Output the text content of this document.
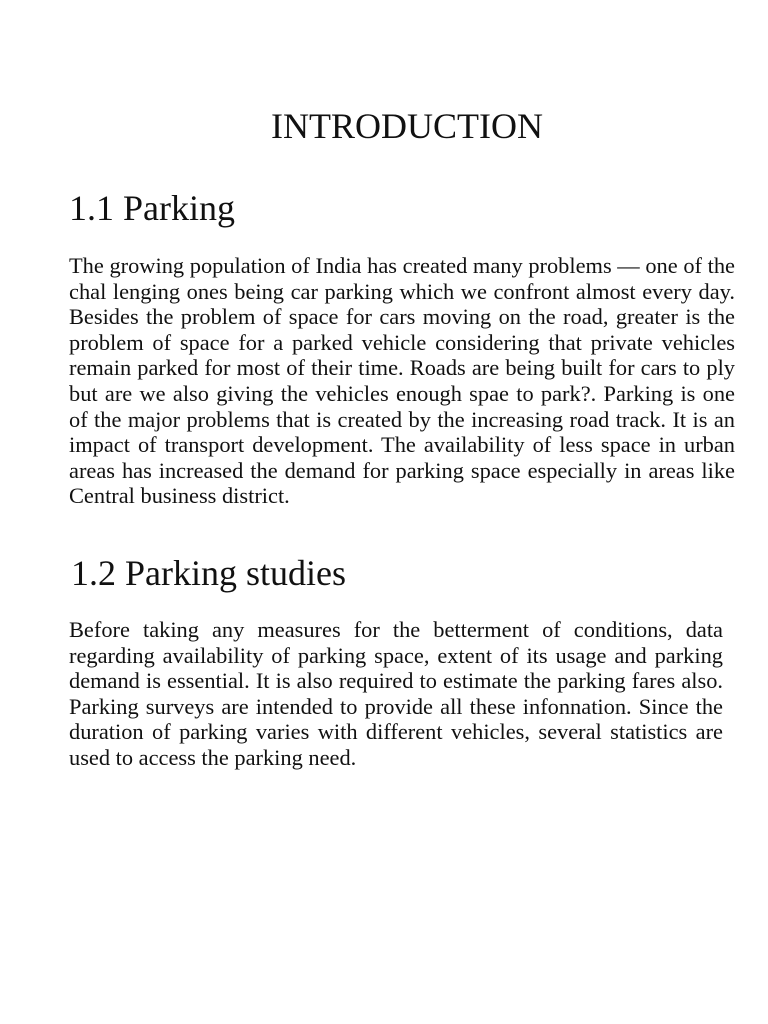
INTRODUCTION
1.1 Parking

The growing population of India has created many problems — one of the chal lenging ones being car parking which we confront almost every day. Besides the problem of space for cars moving on the road, greater is the problem of space for a parked vehicle considering that private vehicles remain parked for most of their time. Roads are being built for cars to ply but are we also giving the vehicles enough spae to park?. Parking is one of the major problems that is created by the increasing road track. It is an impact of transport development. The availability of less space in urban areas has increased the demand for parking space especially in areas like Central business district.

1.2 Parking studies

Before taking any measures for the betterment of conditions, data regarding availability of parking space, extent of its usage and parking demand is essential. It is also required to estimate the parking fares also. Parking surveys are intended to provide all these infonnation. Since the duration of parking varies with different vehicles, several statistics are used to access the parking need.
